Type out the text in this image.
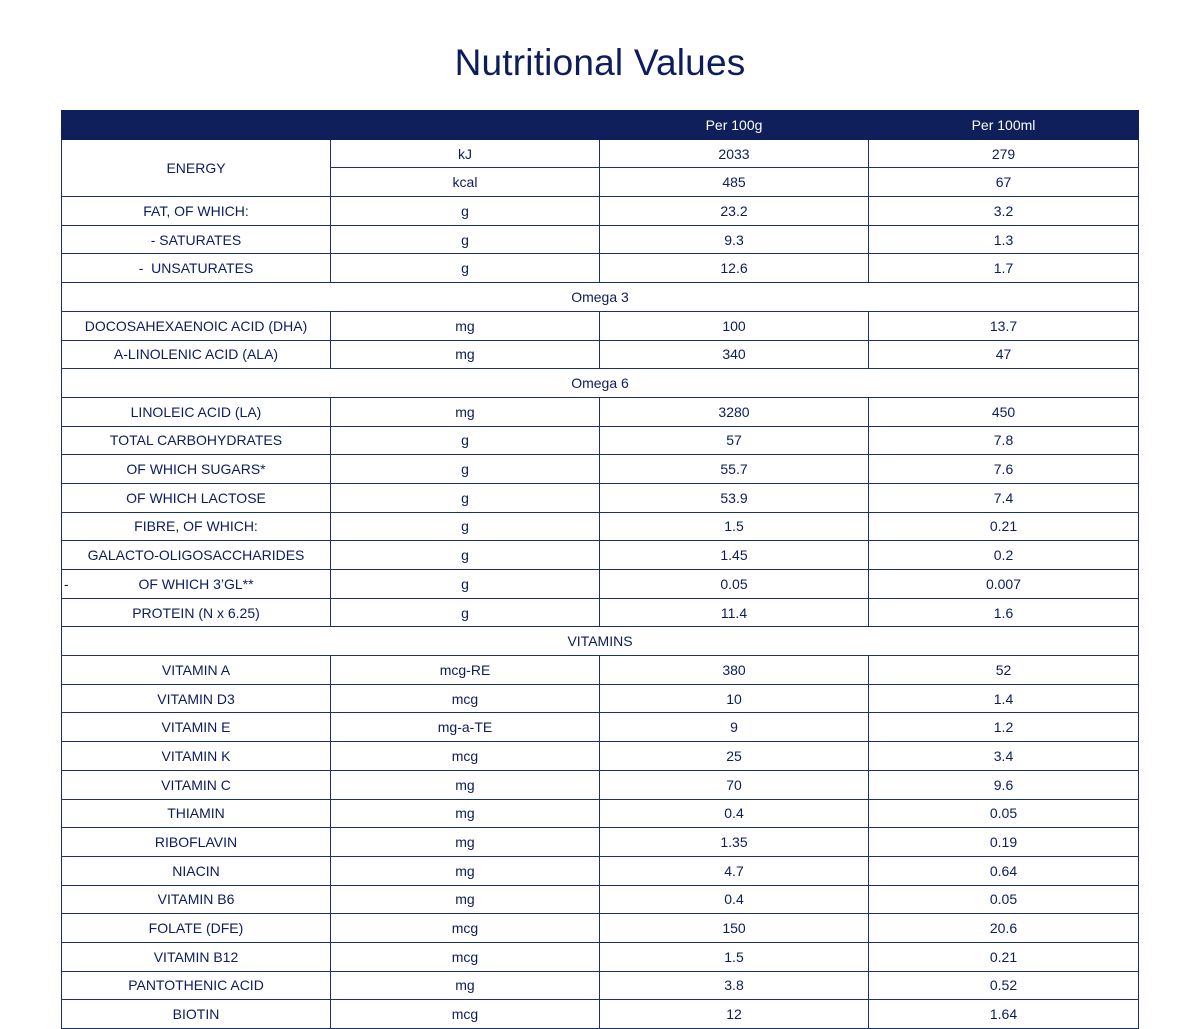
Nutritional Values
		Per 100g	Per 100ml
ENERGY	kJ	2033	279
	kcal	485	67
FAT, OF WHICH:	g	23.2	3.2
- SATURATES	g	9.3	1.3
-  UNSATURATES	g	12.6	1.7
Omega 3			
DOCOSAHEXAENOIC ACID (DHA)	mg	100	13.7
A-LINOLENIC ACID (ALA)	mg	340	47
Omega 6			
LINOLEIC ACID (LA)	mg	3280	450
TOTAL CARBOHYDRATES	g	57	7.8
OF WHICH SUGARS*	g	55.7	7.6
OF WHICH LACTOSE	g	53.9	7.4
FIBRE, OF WHICH:	g	1.5	0.21
GALACTO-OLIGOSACCHARIDES	g	1.45	0.2

- OF WHICH 3’GL**	g	0.05	0.007
PROTEIN (N x 6.25)	g	11.4	1.6
VITAMINS			
VITAMIN A	mcg-RE	380	52
VITAMIN D3	mcg	10	1.4
VITAMIN E	mg-a-TE	9	1.2
VITAMIN K	mcg	25	3.4
VITAMIN C	mg	70	9.6
THIAMIN	mg	0.4	0.05
RIBOFLAVIN	mg	1.35	0.19
NIACIN	mg	4.7	0.64
VITAMIN B6	mg	0.4	0.05
FOLATE (DFE)	mcg	150	20.6
VITAMIN B12	mcg	1.5	0.21
PANTOTHENIC ACID	mg	3.8	0.52
BIOTIN	mcg	12	1.64
